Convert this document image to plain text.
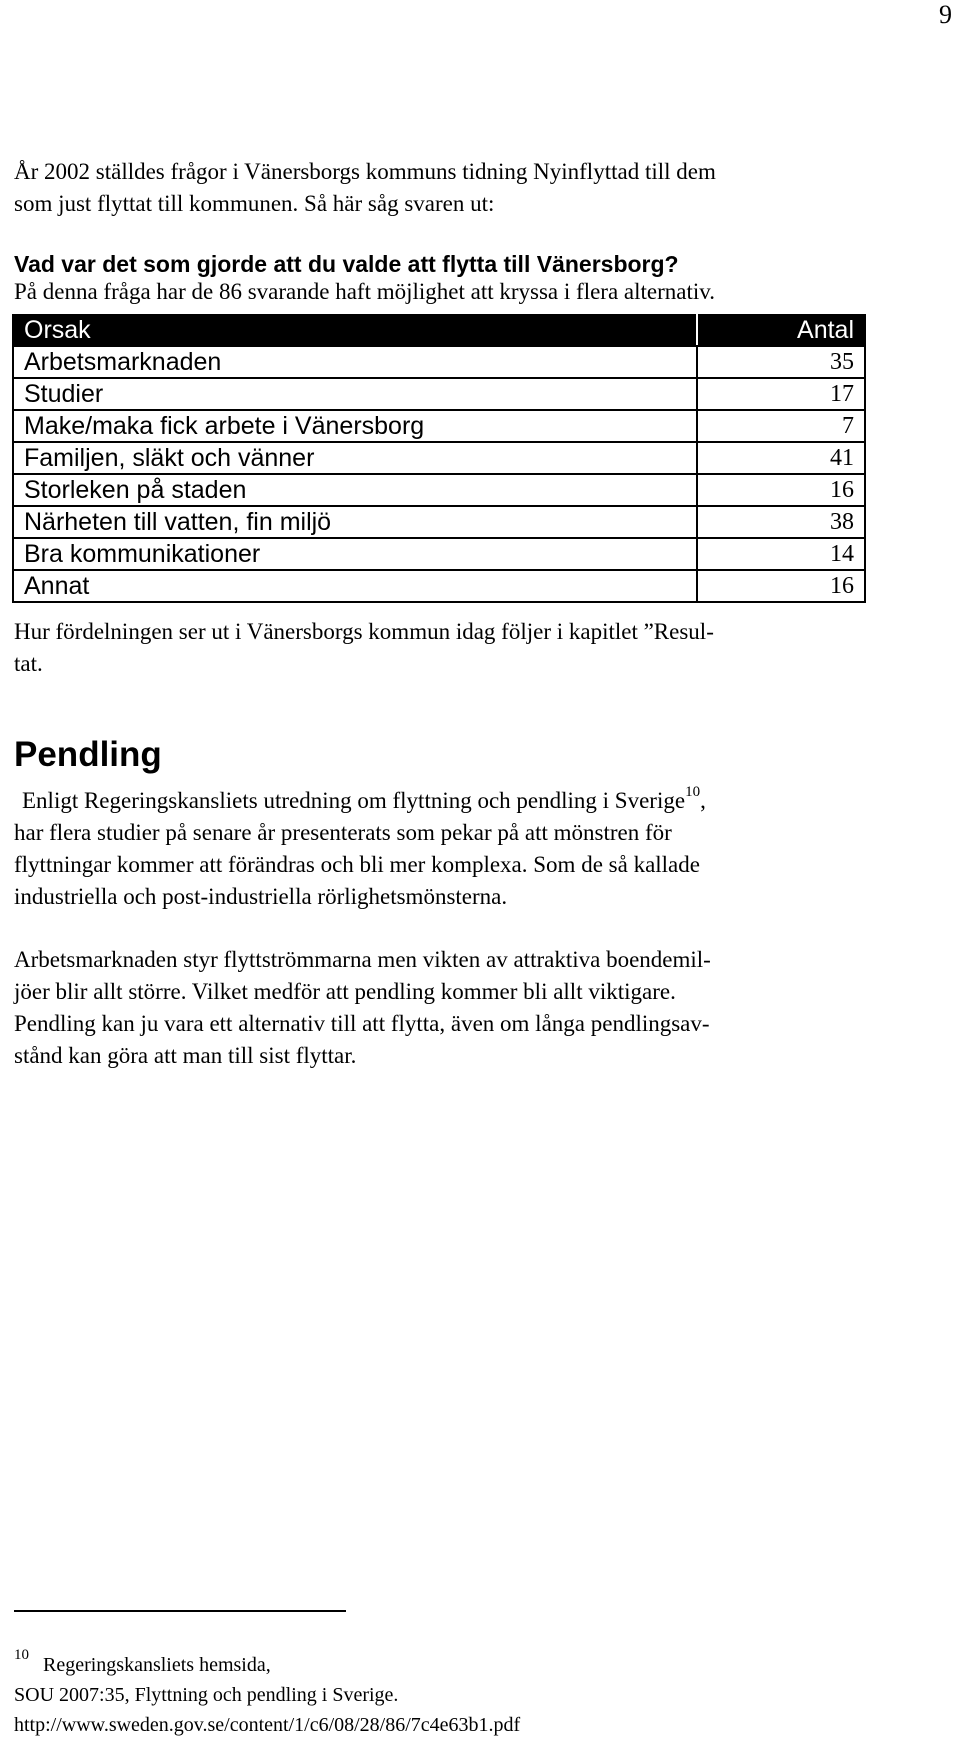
9

År 2002 ställdes frågor i Vänersborgs kommuns tidning Nyinflyttad till dem

som just flyttat till kommunen. Så här såg svaren ut:

Vad var det som gjorde att du valde att flytta till Vänersborg?

På denna fråga har de 86 svarande haft möjlighet att kryssa i flera alternativ.

Orsak	Antal
Arbetsmarknaden	35
Studier	17
Make/maka fick arbete i Vänersborg	7
Familjen, släkt och vänner	41
Storleken på staden	16
Närheten till vatten, fin miljö	38
Bra kommunikationer	14
Annat	16

Hur fördelningen ser ut i Vänersborgs kommun idag följer i kapitlet ”Resul-

tat.

Pendling

Enligt Regeringskansliets utredning om flyttning och pendling i Sverige$^{10}$,

har flera studier på senare år presenterats som pekar på att mönstren för

flyttningar kommer att förändras och bli mer komplexa. Som de så kallade

industriella och post-industriella rörlighetsmönsterna.

Arbetsmarknaden styr flyttströmmarna men vikten av attraktiva boendemil-

jöer blir allt större. Vilket medför att pendling kommer bli allt viktigare.

Pendling kan ju vara ett alternativ till att flytta, även om långa pendlingsav-

stånd kan göra att man till sist flyttar.

$^{10}$ Regeringskansliets hemsida,
SOU 2007:35, Flyttning och pendling i Sverige.
http://www.sweden.gov.se/content/1/c6/08/28/86/7c4e63b1.pdf
